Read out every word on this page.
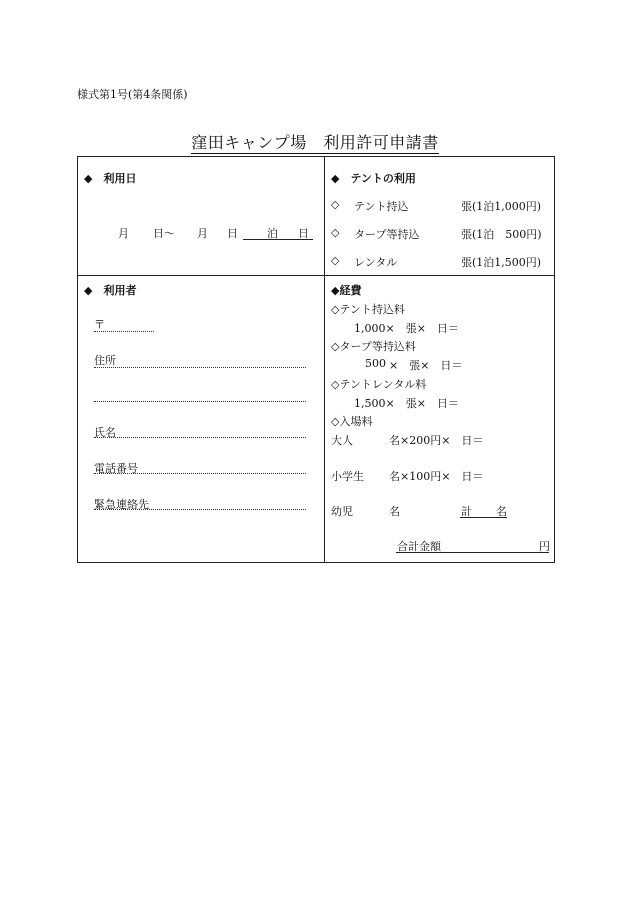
様式第1号(第4条関係)
窪田キャンプ場　利用許可申請書
◆　利用日
月 日〜 月 日	泊 日
◆　テントの利用
◇ テント持込	張(1泊1,000円)
◇ タープ等持込	張(1泊　500円)
◇ レンタル	張(1泊1,500円)
◆　利用者
〒
住所
氏名
電話番号
緊急連絡先
◆経費
◇テント持込料
1,000×　張×　日＝
◇タープ等持込料
500 ×　張×　日＝
◇テントレンタル料
1,500×　張×　日＝
◇入場料
大人	名×200円×　日＝
小学生 名×100円×　日＝
幼児	名	計 名
合計金額	円
